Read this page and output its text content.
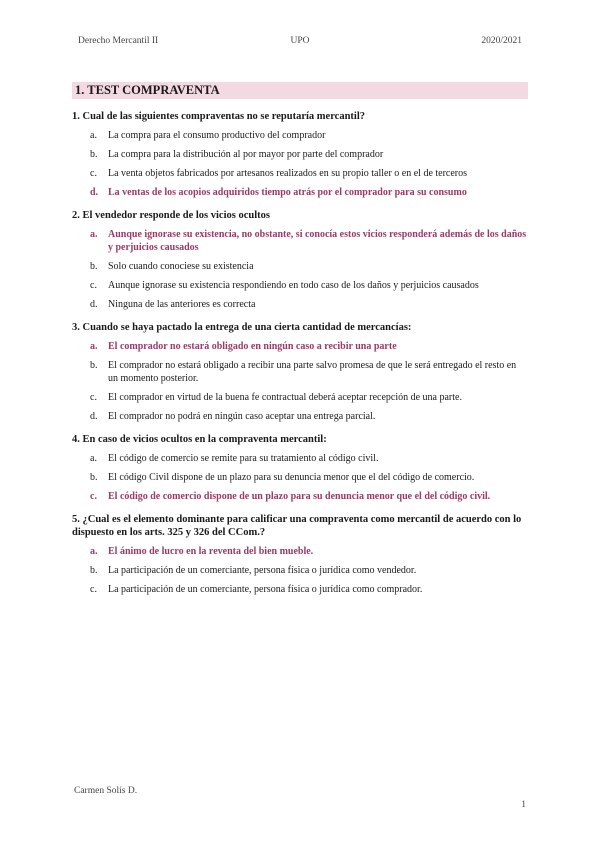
Derecho Mercantil II	UPO	2020/2021
1. TEST COMPRAVENTA

1. Cual de las siguientes compraventas no se reputaría mercantil?

a. La compra para el consumo productivo del comprador
b. La compra para la distribución al por mayor por parte del comprador
c. La venta objetos fabricados por artesanos realizados en su propio taller o en el de terceros
d. La ventas de los acopios adquiridos tiempo atrás por el comprador para su consumo

2. El vendedor responde de los vicios ocultos

a. Aunque ignorase su existencia, no obstante, si conocía estos vicios responderá además de los daños y perjuicios causados
b. Solo cuando conociese su existencia
c. Aunque ignorase su existencia respondiendo en todo caso de los daños y perjuicios causados
d. Ninguna de las anteriores es correcta

3. Cuando se haya pactado la entrega de una cierta cantidad de mercancías:

a. El comprador no estará obligado en ningún caso a recibir una parte
b. El comprador no estará obligado a recibir una parte salvo promesa de que le será entregado el resto en un momento posterior.
c. El comprador en virtud de la buena fe contractual deberá aceptar recepción de una parte.
d. El comprador no podrá en ningún caso aceptar una entrega parcial.

4. En caso de vicios ocultos en la compraventa mercantil:

a. El código de comercio se remite para su tratamiento al código civil.
b. El código Civil dispone de un plazo para su denuncia menor que el del código de comercio.
c. El código de comercio dispone de un plazo para su denuncia menor que el del código civil.

5. ¿Cual es el elemento dominante para calificar una compraventa como mercantil de acuerdo con lo dispuesto en los arts. 325 y 326 del CCom.?

a. El ánimo de lucro en la reventa del bien mueble.
b. La participación de un comerciante, persona física o jurídica como vendedor.
c. La participación de un comerciante, persona física o jurídica como comprador.
Carmen Solís D.
1
